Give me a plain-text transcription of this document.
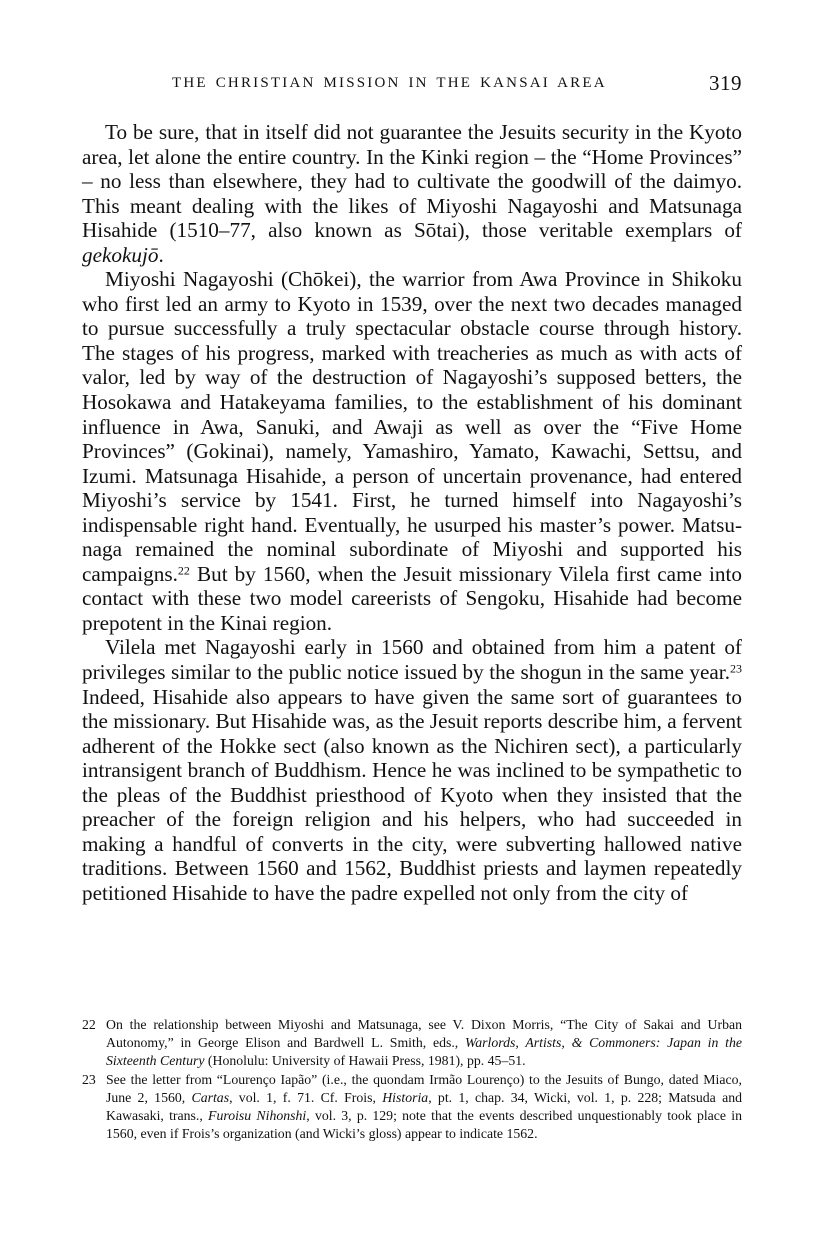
THE CHRISTIAN MISSION IN THE KANSAI AREA	319

To be sure, that in itself did not guarantee the Jesuits security in the Kyoto area, let alone the entire country. In the Kinki region – the “Home Provinces” – no less than elsewhere, they had to cultivate the goodwill of the daimyo. This meant dealing with the likes of Miyoshi Nagayoshi and Matsunaga Hisahide (1510–77, also known as Sōtai), those veritable exemplars of gekokujō.

Miyoshi Nagayoshi (Chōkei), the warrior from Awa Province in Shikoku who first led an army to Kyoto in 1539, over the next two decades managed to pursue successfully a truly spectacular obstacle course through history. The stages of his progress, marked with treacheries as much as with acts of valor, led by way of the destruction of Nagayoshi’s supposed betters, the Hosokawa and Hatakeyama families, to the establishment of his dominant influence in Awa, Sanuki, and Awaji as well as over the “Five Home Provinces” (Gokinai), namely, Yamashiro, Yamato, Kawachi, Settsu, and Izumi. Matsunaga Hisahide, a person of uncertain provenance, had entered Miyoshi’s service by 1541. First, he turned himself into Nagayoshi’s indispensable right hand. Eventually, he usurped his master’s power. Matsunaga remained the nominal subordinate of Miyoshi and supported his campaigns.$^{22}$ But by 1560, when the Jesuit missionary Vilela first came into contact with these two model careerists of Sengoku, Hisahide had become prepotent in the Kinai region.

Vilela met Nagayoshi early in 1560 and obtained from him a patent of privileges similar to the public notice issued by the shogun in the same year.$^{23}$ Indeed, Hisahide also appears to have given the same sort of guarantees to the missionary. But Hisahide was, as the Jesuit reports describe him, a fervent adherent of the Hokke sect (also known as the Nichiren sect), a particularly intransigent branch of Buddhism. Hence he was inclined to be sympathetic to the pleas of the Buddhist priesthood of Kyoto when they insisted that the preacher of the foreign religion and his helpers, who had succeeded in making a handful of converts in the city, were subverting hallowed native traditions. Between 1560 and 1562, Buddhist priests and laymen repeatedly petitioned Hisahide to have the padre expelled not only from the city of

22 On the relationship between Miyoshi and Matsunaga, see V. Dixon Morris, “The City of Sakai and Urban Autonomy,” in George Elison and Bardwell L. Smith, eds., Warlords, Artists, & Commoners: Japan in the Sixteenth Century (Honolulu: University of Hawaii Press, 1981), pp. 45–51.

23 See the letter from “Lourenço Iapão” (i.e., the quondam Irmão Lourenço) to the Jesuits of Bungo, dated Miaco, June 2, 1560, Cartas, vol. 1, f. 71. Cf. Frois, Historia, pt. 1, chap. 34, Wicki, vol. 1, p. 228; Matsuda and Kawasaki, trans., Furoisu Nihonshi, vol. 3, p. 129; note that the events described unquestionably took place in 1560, even if Frois’s organization (and Wicki’s gloss) appear to indicate 1562.
